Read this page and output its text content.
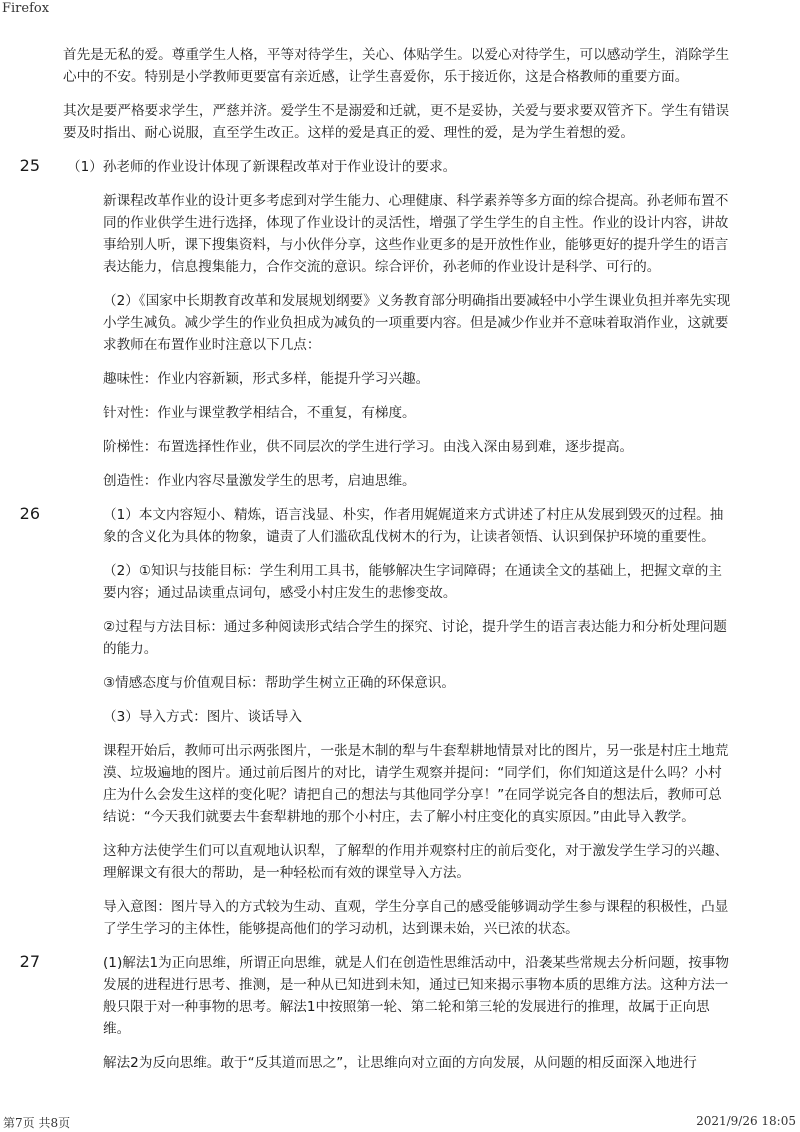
Firefox

首先是无私的爱。尊重学生人格，平等对待学生，关心、体贴学生。以爱心对待学生，可以感动学生，消除学生心中的不安。特别是小学教师更要富有亲近感，让学生喜爱你，乐于接近你，这是合格教师的重要方面。

其次是要严格要求学生，严慈并济。爱学生不是溺爱和迁就，更不是妥协，关爱与要求要双管齐下。学生有错误要及时指出、耐心说服，直至学生改正。这样的爱是真正的爱、理性的爱，是为学生着想的爱。

25 （1）孙老师的作业设计体现了新课程改革对于作业设计的要求。

新课程改革作业的设计更多考虑到对学生能力、心理健康、科学素养等多方面的综合提高。孙老师布置不同的作业供学生进行选择，体现了作业设计的灵活性，增强了学生学生的自主性。作业的设计内容，讲故事给别人听，课下搜集资料，与小伙伴分享，这些作业更多的是开放性作业，能够更好的提升学生的语言表达能力，信息搜集能力，合作交流的意识。综合评价，孙老师的作业设计是科学、可行的。

（2）《国家中长期教育改革和发展规划纲要》义务教育部分明确指出要减轻中小学生课业负担并率先实现小学生减负。减少学生的作业负担成为减负的一项重要内容。但是减少作业并不意味着取消作业，这就要求教师在布置作业时注意以下几点：

趣味性：作业内容新颖，形式多样，能提升学习兴趣。

针对性：作业与课堂教学相结合，不重复，有梯度。

阶梯性：布置选择性作业，供不同层次的学生进行学习。由浅入深由易到难，逐步提高。

创造性：作业内容尽量激发学生的思考，启迪思维。

26	（1）本文内容短小、精炼，语言浅显、朴实，作者用娓娓道来方式讲述了村庄从发展到毁灭的过程。抽象的含义化为具体的物象，谴责了人们滥砍乱伐树木的行为，让读者领悟、认识到保护环境的重要性。

（2）①知识与技能目标：学生利用工具书，能够解决生字词障碍；在通读全文的基础上，把握文章的主要内容；通过品读重点词句，感受小村庄发生的悲惨变故。

②过程与方法目标：通过多种阅读形式结合学生的探究、讨论，提升学生的语言表达能力和分析处理问题的能力。

③情感态度与价值观目标：帮助学生树立正确的环保意识。

（3）导入方式：图片、谈话导入

课程开始后，教师可出示两张图片，一张是木制的犁与牛套犁耕地情景对比的图片，另一张是村庄土地荒漠、垃圾遍地的图片。通过前后图片的对比，请学生观察并提问：“同学们，你们知道这是什么吗？小村庄为什么会发生这样的变化呢？请把自己的想法与其他同学分享！”在同学说完各自的想法后，教师可总结说：“今天我们就要去牛套犁耕地的那个小村庄，去了解小村庄变化的真实原因。”由此导入教学。

这种方法使学生们可以直观地认识犁，了解犁的作用并观察村庄的前后变化，对于激发学生学习的兴趣、理解课文有很大的帮助，是一种轻松而有效的课堂导入方法。

导入意图：图片导入的方式较为生动、直观，学生分享自己的感受能够调动学生参与课程的积极性，凸显了学生学习的主体性，能够提高他们的学习动机，达到课未始，兴已浓的状态。

27	(1)解法1为正向思维，所谓正向思维，就是人们在创造性思维活动中，沿袭某些常规去分析问题，按事物发展的进程进行思考、推测，是一种从已知进到未知，通过已知来揭示事物本质的思维方法。这种方法一般只限于对一种事物的思考。解法1中按照第一轮、第二轮和第三轮的发展进行的推理，故属于正向思维。

解法2为反向思维。敢于“反其道而思之”，让思维向对立面的方向发展，从问题的相反面深入地进行

第7页 共8页	2021/9/26 18:05
